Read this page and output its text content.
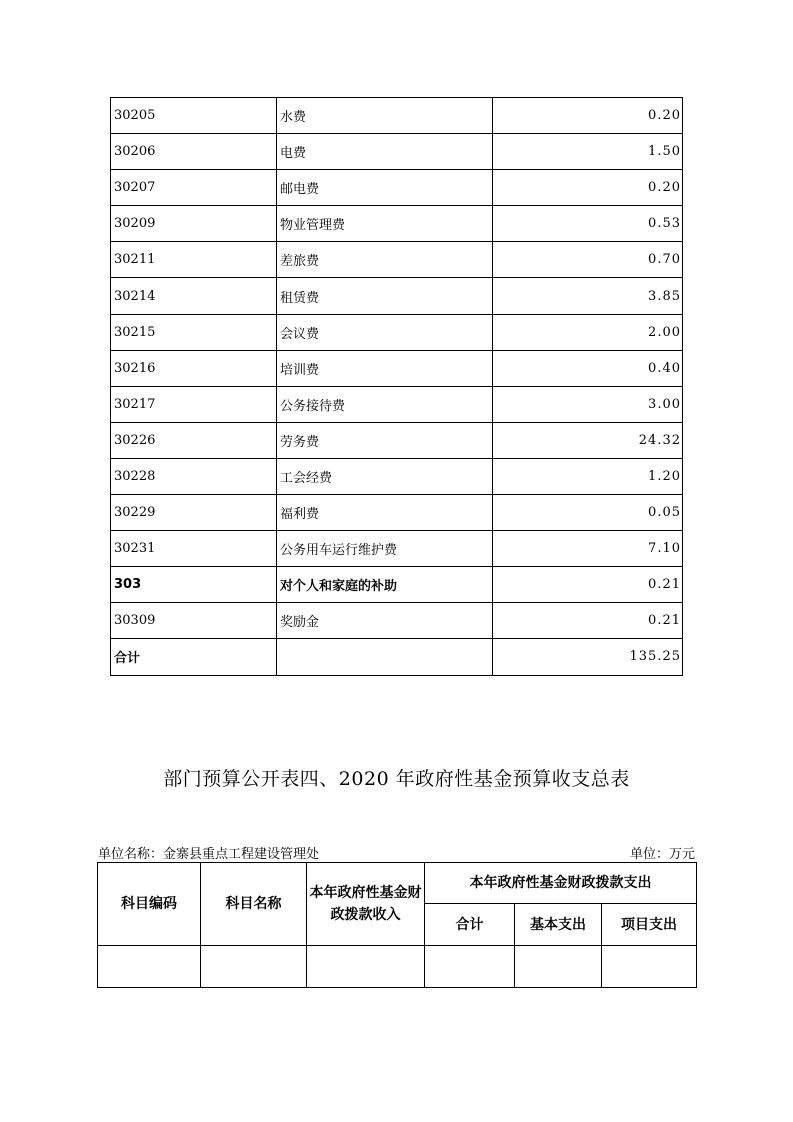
30205	水费	0.20
30206	电费	1.50
30207	邮电费	0.20
30209	物业管理费	0.53
30211	差旅费	0.70
30214	租赁费	3.85
30215	会议费	2.00
30216	培训费	0.40
30217	公务接待费	3.00
30226	劳务费	24.32
30228	工会经费	1.20
30229	福利费	0.05
30231	公务用车运行维护费	7.10
303	对个人和家庭的补助	0.21
30309	奖励金	0.21
合计		135.25
部门预算公开表四、2020 年政府性基金预算收支总表
单位名称：金寨县重点工程建设管理处	单位：万元
科目编码	科目名称	本年政府性基金财政拨款收入	本年政府性基金财政拨款支出		
			合计	基本支出	项目支出
